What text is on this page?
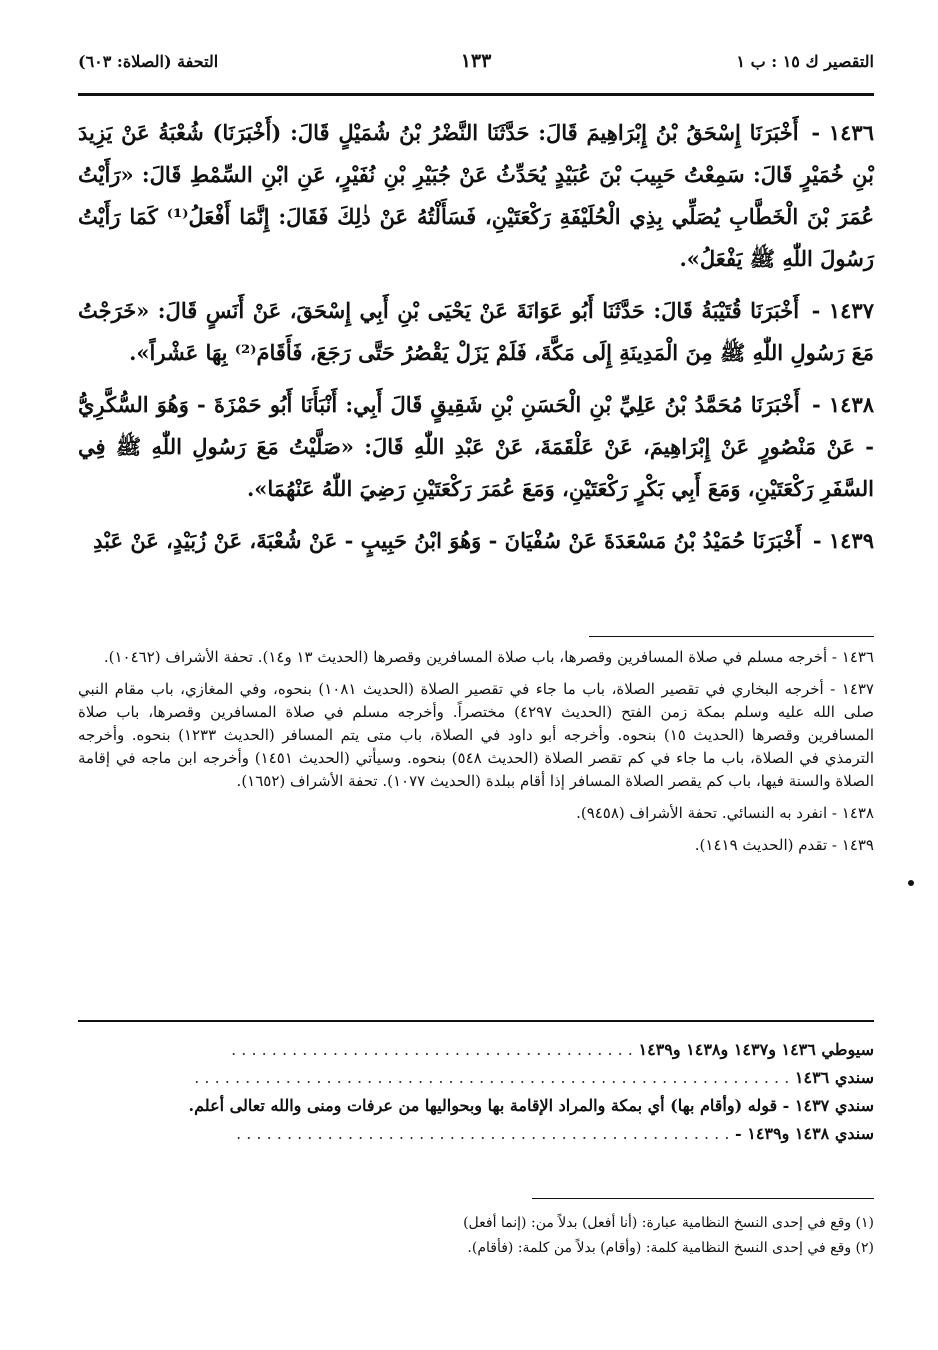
التقصير ك ١٥ : ب ١
١٣٣
التحفة (الصلاة: ٦٠٣)

١٤٣٦ - أَخْبَرَنَا إِسْحَقُ بْنُ إِبْرَاهِيمَ قَالَ: حَدَّثَنَا النَّضْرُ بْنُ شُمَيْلٍ قَالَ: (أَخْبَرَنَا) شُعْبَةُ عَنْ يَزِيدَ بْنِ خُمَيْرٍ قَالَ: سَمِعْتُ حَبِيبَ بْنَ عُبَيْدٍ يُحَدِّثُ عَنْ جُبَيْرِ بْنِ نُفَيْرٍ، عَنِ ابْنِ السِّمْطِ قَالَ: «رَأَيْتُ عُمَرَ بْنَ الْخَطَّابِ يُصَلِّي بِذِي الْحُلَيْفَةِ رَكْعَتَيْنِ، فَسَأَلْتُهُ عَنْ ذٰلِكَ فَقَالَ: إِنَّمَا أَفْعَلُ⁽¹⁾ كَمَا رَأَيْتُ رَسُولَ اللّٰهِ ﷺ يَفْعَلُ».

١٤٣٧ - أَخْبَرَنَا قُتَيْبَةُ قَالَ: حَدَّثَنَا أَبُو عَوَانَةَ عَنْ يَحْيَى بْنِ أَبِي إِسْحَقَ، عَنْ أَنَسٍ قَالَ: «خَرَجْتُ مَعَ رَسُولِ اللّٰهِ ﷺ مِنَ الْمَدِينَةِ إِلَى مَكَّةَ، فَلَمْ يَزَلْ يَقْصُرُ حَتَّى رَجَعَ، فَأَقَامَ⁽²⁾ بِهَا عَشْراً».

١٤٣٨ - أَخْبَرَنَا مُحَمَّدُ بْنُ عَلِيِّ بْنِ الْحَسَنِ بْنِ شَقِيقٍ قَالَ أَبِي: أَنْبَأَنَا أَبُو حَمْزَةَ - وَهُوَ السُّكَّرِيُّ - عَنْ مَنْصُورٍ عَنْ إِبْرَاهِيمَ، عَنْ عَلْقَمَةَ، عَنْ عَبْدِ اللّٰهِ قَالَ: «صَلَّيْتُ مَعَ رَسُولِ اللّٰهِ ﷺ فِي السَّفَرِ رَكْعَتَيْنِ، وَمَعَ أَبِي بَكْرٍ رَكْعَتَيْنِ، وَمَعَ عُمَرَ رَكْعَتَيْنِ رَضِيَ اللّٰهُ عَنْهُمَا».

١٤٣٩ - أَخْبَرَنَا حُمَيْدُ بْنُ مَسْعَدَةَ عَنْ سُفْيَانَ - وَهُوَ ابْنُ حَبِيبٍ - عَنْ شُعْبَةَ، عَنْ زُبَيْدٍ، عَنْ عَبْدِ

١٤٣٦ - أخرجه مسلم في صلاة المسافرين وقصرها، باب صلاة المسافرين وقصرها (الحديث ١٣ و١٤). تحفة الأشراف (١٠٤٦٢).

١٤٣٧ - أخرجه البخاري في تقصير الصلاة، باب ما جاء في تقصير الصلاة (الحديث ١٠٨١) بنحوه، وفي المغازي، باب مقام النبي صلى الله عليه وسلم بمكة زمن الفتح (الحديث ٤٢٩٧) مختصراً. وأخرجه مسلم في صلاة المسافرين وقصرها، باب صلاة المسافرين وقصرها (الحديث ١٥) بنحوه. وأخرجه أبو داود في الصلاة، باب متى يتم المسافر (الحديث ١٢٣٣) بنحوه. وأخرجه الترمذي في الصلاة، باب ما جاء في كم تقصر الصلاة (الحديث ٥٤٨) بنحوه. وسيأتي (الحديث ١٤٥١) وأخرجه ابن ماجه في إقامة الصلاة والسنة فيها، باب كم يقصر الصلاة المسافر إذا أقام ببلدة (الحديث ١٠٧٧). تحفة الأشراف (١٦٥٢).

١٤٣٨ - انفرد به النسائي. تحفة الأشراف (٩٤٥٨).

١٤٣٩ - تقدم (الحديث ١٤١٩).

سيوطي ١٤٣٦ و١٤٣٧ و١٤٣٨ و١٤٣٩ . . . . . . . . . . . . . . . . . . . . . . . . . . . . . . . . . . . . . . . .
سندي ١٤٣٦ . . . . . . . . . . . . . . . . . . . . . . . . . . . . . . . . . . . . . . . . . . . . . . . . . . . . . . . . . . .
سندي ١٤٣٧ - قوله (وأقام بها) أي بمكة والمراد الإقامة بها وبحواليها من عرفات ومنى والله تعالى أعلم.
سندي ١٤٣٨ و١٤٣٩ - . . . . . . . . . . . . . . . . . . . . . . . . . . . . . . . . . . . . . . . . . . . . . . . . .

(١) وقع في إحدى النسخ النظامية عبارة: (أنا أفعل) بدلاً من: (إنما أفعل)

(٢) وقع في إحدى النسخ النظامية كلمة: (وأقام) بدلاً من كلمة: (فأقام).
